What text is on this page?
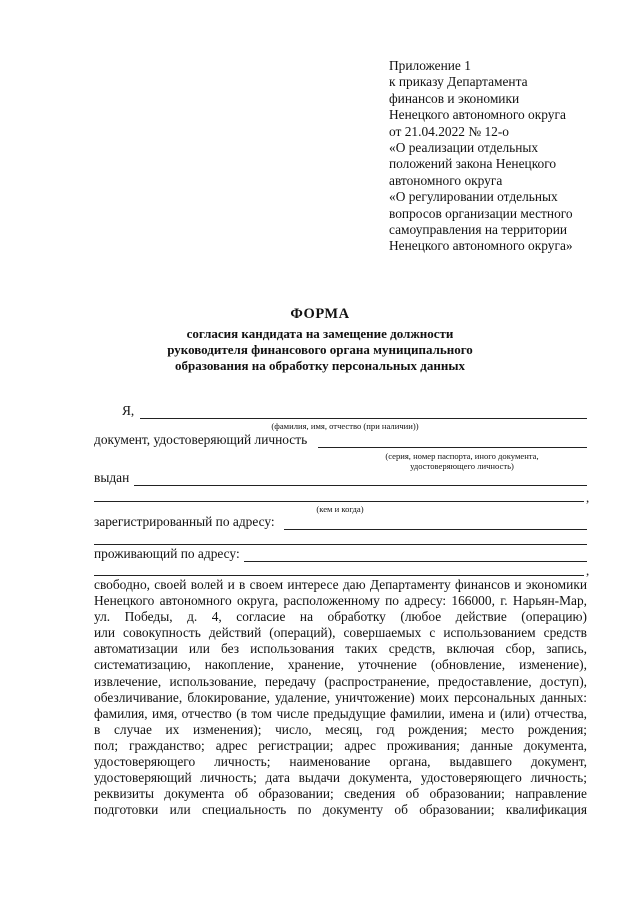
Приложение 1
к приказу Департамента
финансов и экономики
Ненецкого автономного округа
от 21.04.2022 № 12-о
«О реализации отдельных
положений закона Ненецкого
автономного округа
«О регулировании отдельных
вопросов организации местного
самоуправления на территории
Ненецкого автономного округа»
ФОРМА
согласия кандидата на замещение должности
руководителя финансового органа муниципального
образования на обработку персональных данных
Я,
(фамилия, имя, отчество (при наличии))
документ, удостоверяющий личность
(серия, номер паспорта, иного документа,
удостоверяющего личность)
выдан
,
(кем и когда)
зарегистрированный по адресу:
проживающий по адресу:
,
свободно, своей волей и в своем интересе даю Департаменту финансов и экономики
Ненецкого автономного округа, расположенному по адресу: 166000, г. Нарьян-Мар,
ул. Победы, д. 4, согласие на обработку (любое действие (операцию)
или совокупность действий (операций), совершаемых с использованием средств
автоматизации или без использования таких средств, включая сбор, запись,
систематизацию, накопление, хранение, уточнение (обновление, изменение),
извлечение, использование, передачу (распространение, предоставление, доступ),
обезличивание, блокирование, удаление, уничтожение) моих персональных данных:
фамилия, имя, отчество (в том числе предыдущие фамилии, имена и (или) отчества,
в случае их изменения); число, месяц, год рождения; место рождения;
пол; гражданство; адрес регистрации; адрес проживания; данные документа,
удостоверяющего личность; наименование органа, выдавшего документ,
удостоверяющий личность; дата выдачи документа, удостоверяющего личность;
реквизиты документа об образовании; сведения об образовании; направление
подготовки или специальность по документу об образовании; квалификация
